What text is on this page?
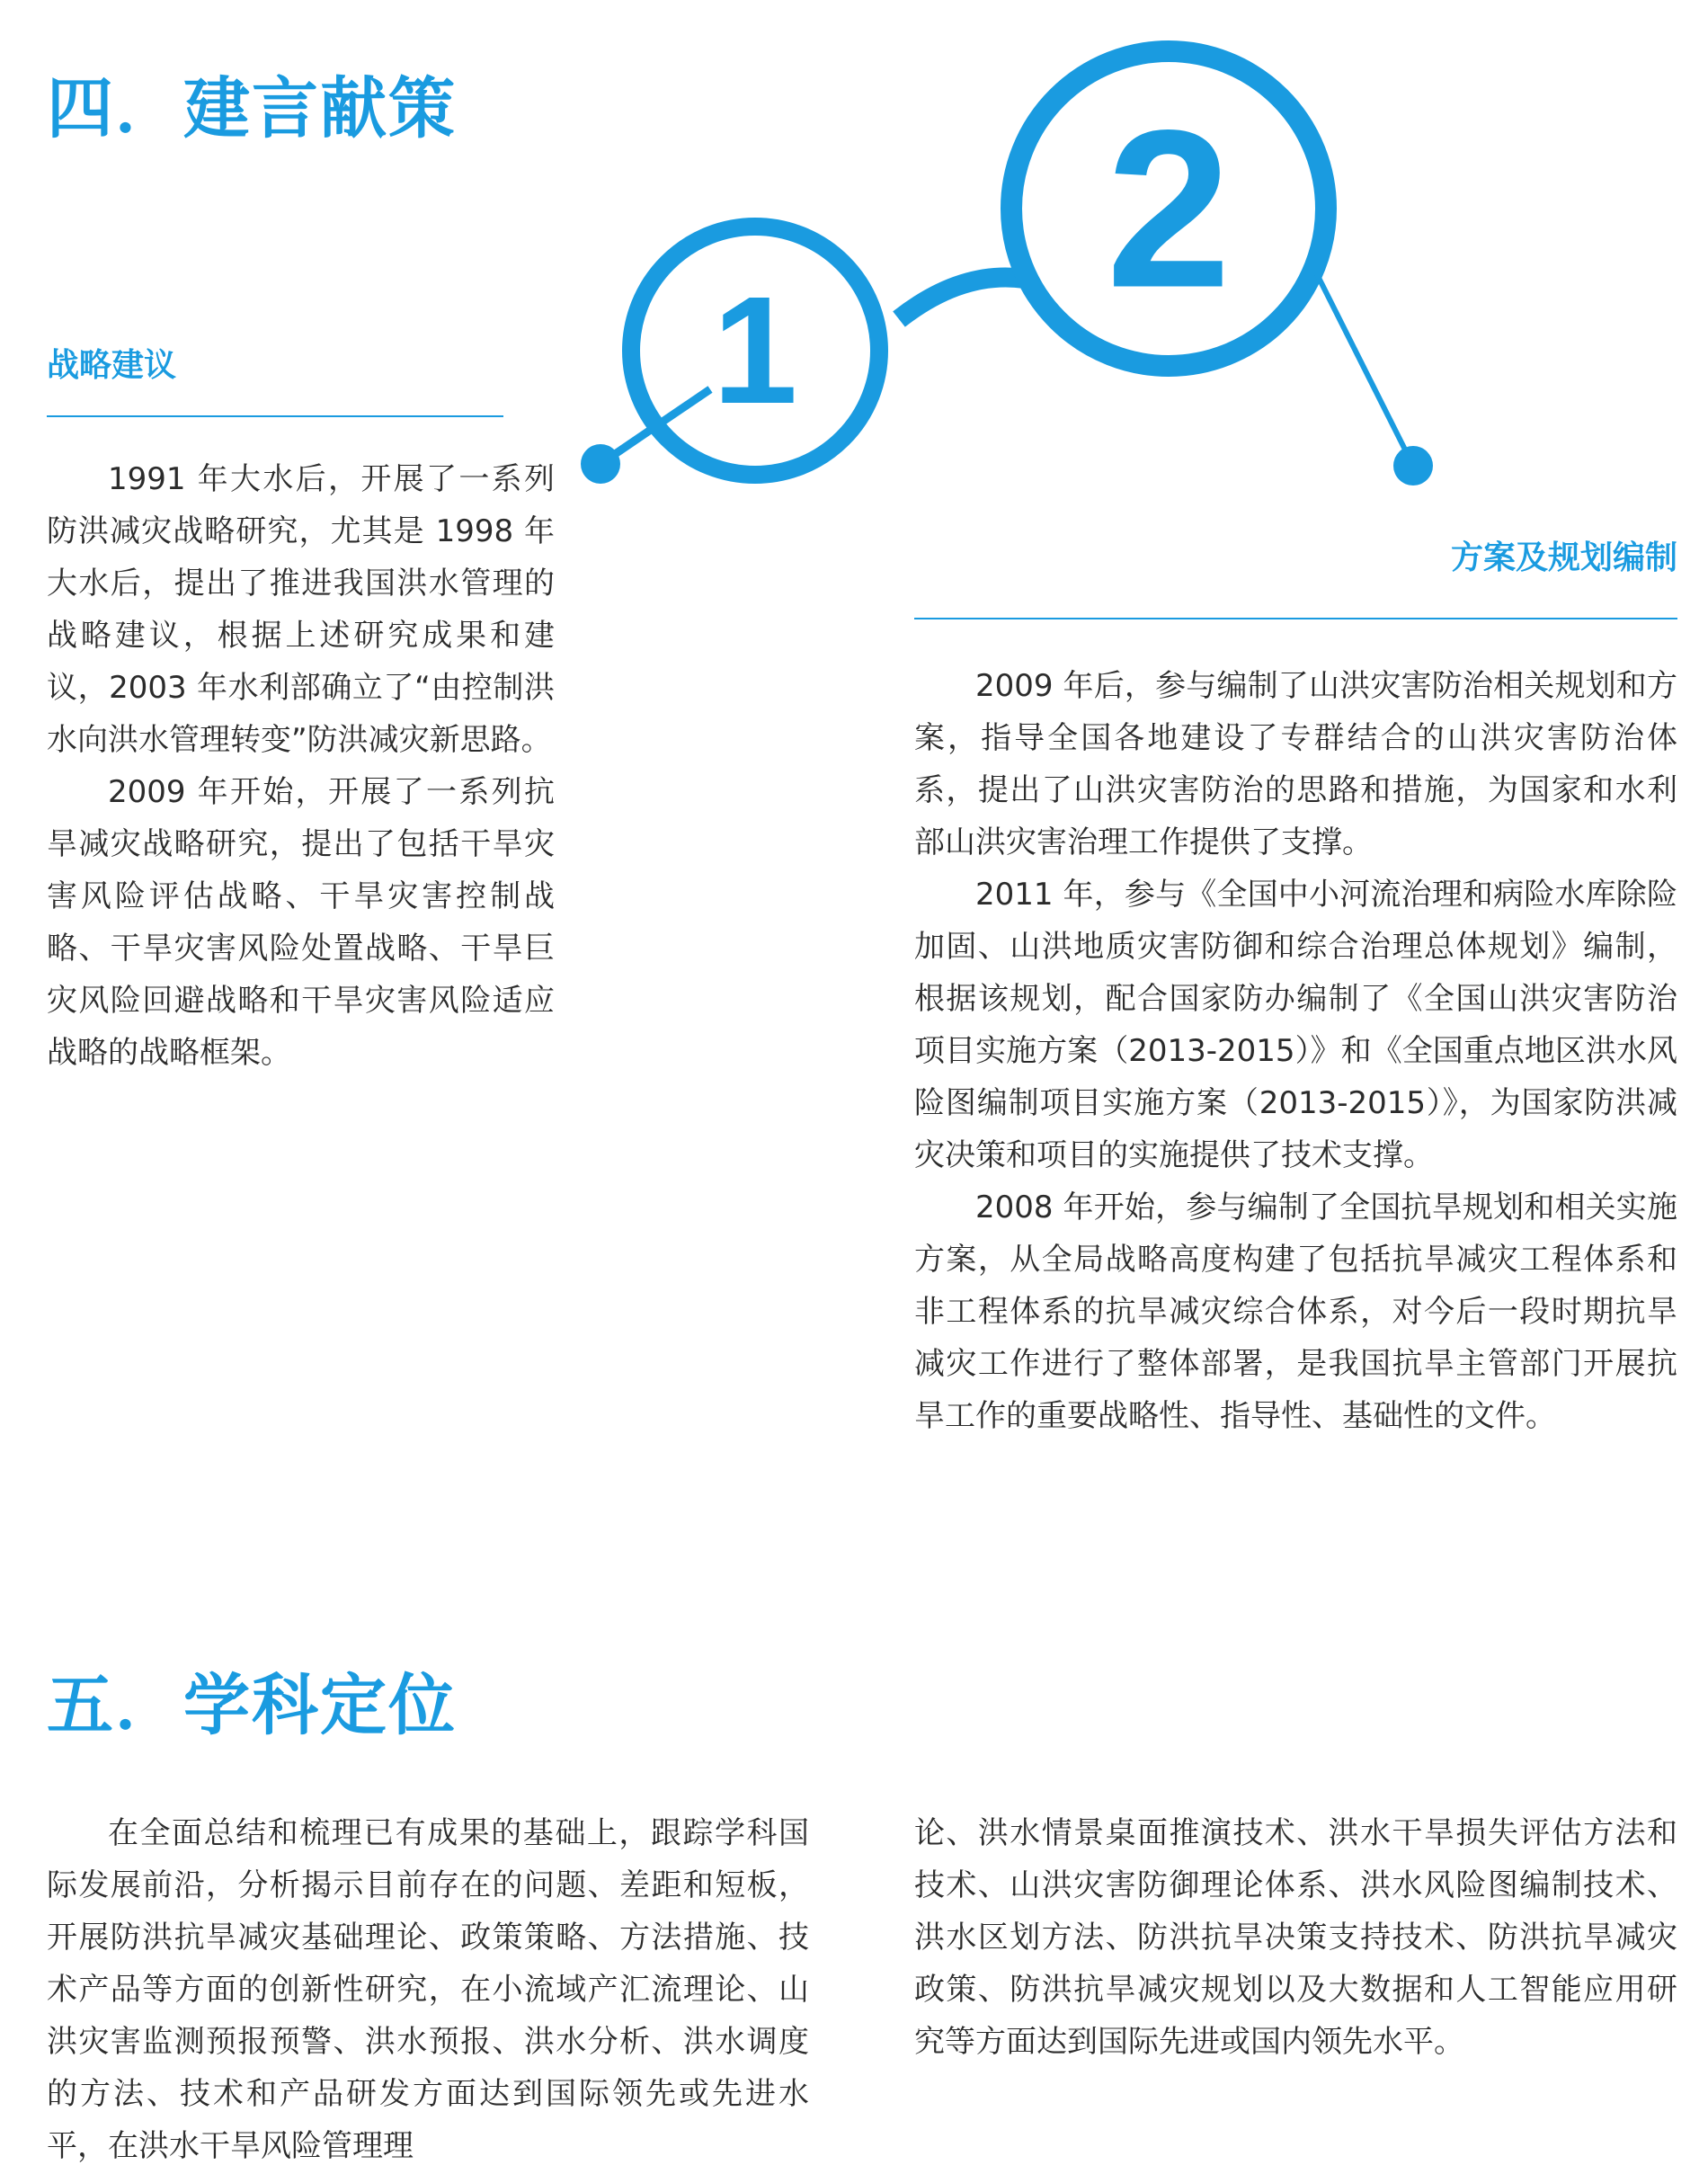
四．建言献策
1
2
战略建议

1991 年大水后，开展了一系列防洪减灾战略研究，尤其是 1998 年大水后，提出了推进我国洪水管理的战略建议，根据上述研究成果和建议，2003 年水利部确立了“由控制洪水向洪水管理转变”防洪减灾新思路。

2009 年开始，开展了一系列抗旱减灾战略研究，提出了包括干旱灾害风险评估战略、干旱灾害控制战略、干旱灾害风险处置战略、干旱巨灾风险回避战略和干旱灾害风险适应战略的战略框架。

方案及规划编制

2009 年后，参与编制了山洪灾害防治相关规划和方案，指导全国各地建设了专群结合的山洪灾害防治体系，提出了山洪灾害防治的思路和措施，为国家和水利部山洪灾害治理工作提供了支撑。

2011 年，参与《全国中小河流治理和病险水库除险加固、山洪地质灾害防御和综合治理总体规划》编制，根据该规划，配合国家防办编制了《全国山洪灾害防治项目实施方案（2013-2015）》和《全国重点地区洪水风险图编制项目实施方案（2013-2015）》，为国家防洪减灾决策和项目的实施提供了技术支撑。

2008 年开始，参与编制了全国抗旱规划和相关实施方案，从全局战略高度构建了包括抗旱减灾工程体系和非工程体系的抗旱减灾综合体系，对今后一段时期抗旱减灾工作进行了整体部署，是我国抗旱主管部门开展抗旱工作的重要战略性、指导性、基础性的文件。

五．学科定位

在全面总结和梳理已有成果的基础上，跟踪学科国际发展前沿，分析揭示目前存在的问题、差距和短板，开展防洪抗旱减灾基础理论、政策策略、方法措施、技术产品等方面的创新性研究，在小流域产汇流理论、山洪灾害监测预报预警、洪水预报、洪水分析、洪水调度的方法、技术和产品研发方面达到国际领先或先进水平，在洪水干旱风险管理理

论、洪水情景桌面推演技术、洪水干旱损失评估方法和技术、山洪灾害防御理论体系、洪水风险图编制技术、洪水区划方法、防洪抗旱决策支持技术、防洪抗旱减灾政策、防洪抗旱减灾规划以及大数据和人工智能应用研究等方面达到国际先进或国内领先水平。
